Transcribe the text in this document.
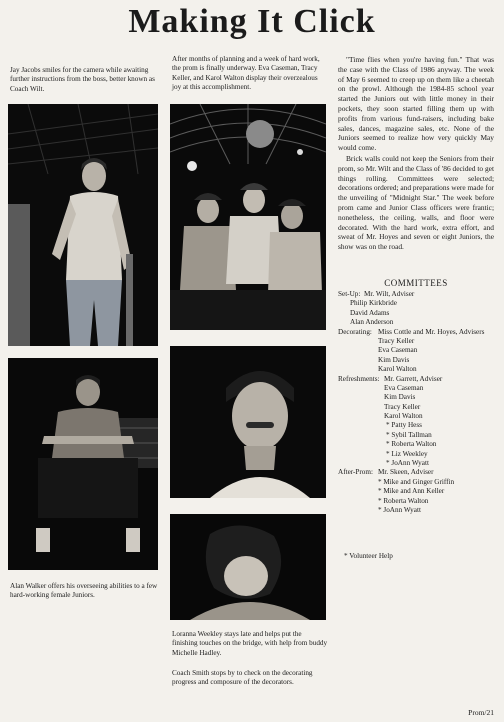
Making It Click
Jay Jacobs smiles for the camera while awaiting further instructions from the boss, better known as Coach Wilt.
Alan Walker offers his overseeing abilities to a few hard-working female Juniors.
After months of planning and a week of hard work, the prom is finally underway. Eva Caseman, Tracy Keller, and Karol Walton display their overzealous joy at this accomplishment.
Loranna Weekley stays late and helps put the finishing touches on the bridge, with help from buddy Michelle Hadley.
Coach Smith stops by to check on the decorating progress and composure of the decorators.
"Time flies when you're having fun." That was the case with the Class of 1986 anyway. The week of May 6 seemed to creep up on them like a cheetah on the prowl. Although the 1984-85 school year started the Juniors out with little money in their pockets, they soon started filling them up with profits from various fund-raisers, including bake sales, dances, magazine sales, etc. None of the Juniors seemed to realize how very quickly May would come.
Brick walls could not keep the Seniors from their prom, so Mr. Wilt and the Class of '86 decided to get things rolling. Committees were selected; decorations ordered; and preparations were made for the unveiling of "Midnight Star." The week before prom came and Junior Class officers were frantic; nonetheless, the ceiling, walls, and floor were decorated. With the hard work, extra effort, and sweat of Mr. Hoyes and seven or eight Juniors, the show was on the road.
COMMITTEES
Set-Up: Mr. Wilt, Adviser
Philip Kirkbride
David Adams
Alan Anderson
Decorating: Miss Cottle and Mr. Hoyes, Advisers
Tracy Keller
Eva Caseman
Kim Davis
Karol Walton
Refreshments: Mr. Garrett, Adviser
Eva Caseman
Kim Davis
Tracy Keller
Karol Walton
* Patty Hess
* Sybil Tallman
* Roberta Walton
* Liz Weekley
* JoAnn Wyatt
After-Prom: Mr. Skeen, Adviser
* Mike and Ginger Griffin
* Mike and Ann Keller
* Roberta Walton
* JoAnn Wyatt
* Volunteer Help
Prom/21
